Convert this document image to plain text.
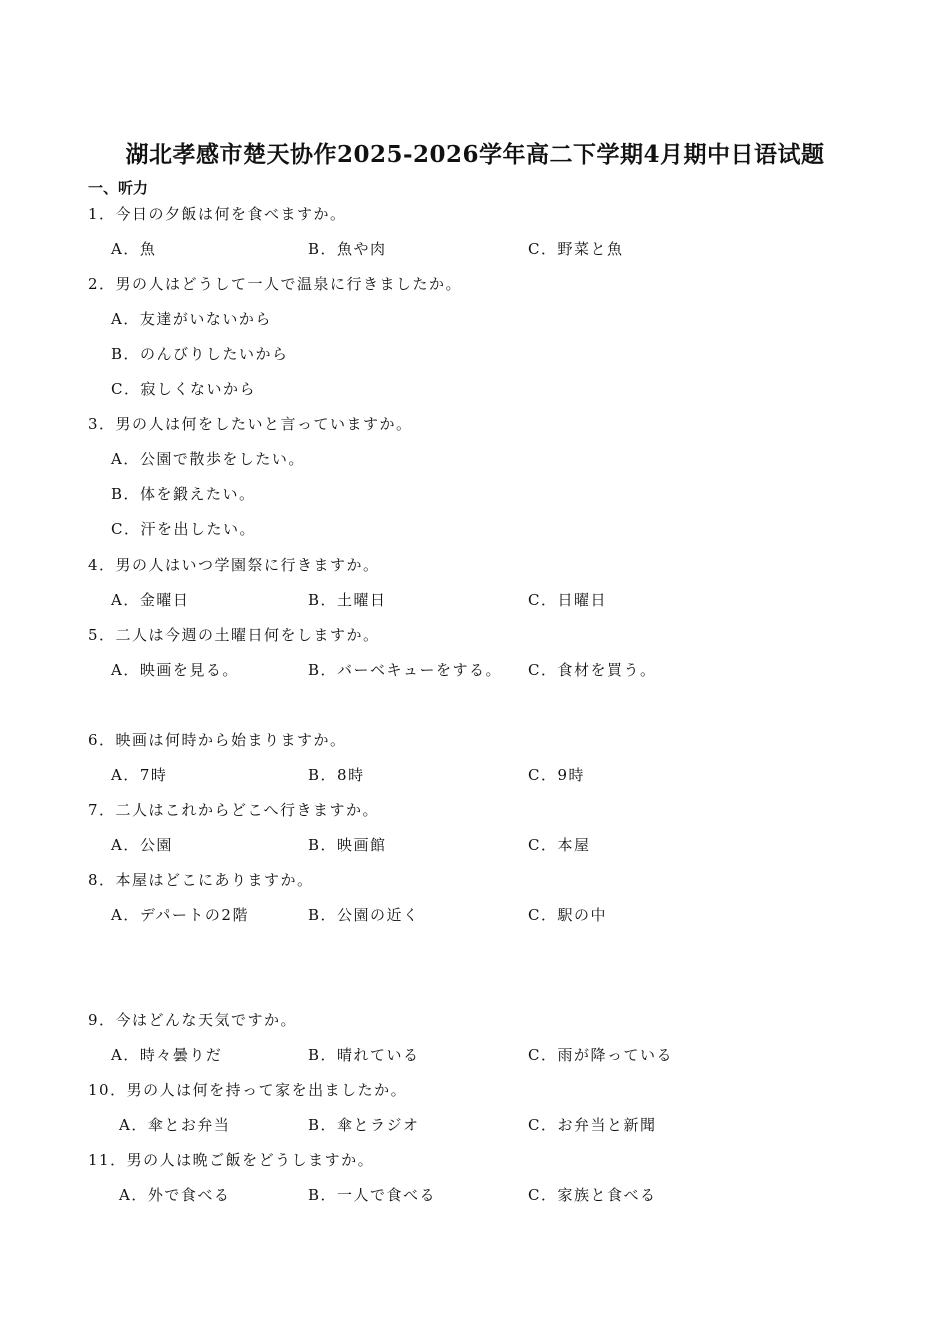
湖北孝感市楚天协作2025-2026学年高二下学期4月期中日语试题
一、听力
1．今日の夕飯は何を食べますか。
A．魚	B．魚や肉	C．野菜と魚
2．男の人はどうして一人で温泉に行きましたか。
A．友達がいないから
B．のんびりしたいから
C．寂しくないから
3．男の人は何をしたいと言っていますか。
A．公園で散歩をしたい。
B．体を鍛えたい。
C．汗を出したい。
4．男の人はいつ学園祭に行きますか。
A．金曜日	B．土曜日	C．日曜日
5．二人は今週の土曜日何をしますか。
A．映画を見る。	B．バーベキューをする。 C．食材を買う。
6．映画は何時から始まりますか。
A．7時	B．8時	C．9時
7．二人はこれからどこへ行きますか。
A．公園	B．映画館	C．本屋
8．本屋はどこにありますか。
A．デパートの2階	B．公園の近く	C．駅の中
9．今はどんな天気ですか。
A．時々曇りだ	B．晴れている	C．雨が降っている
10．男の人は何を持って家を出ましたか。
A．傘とお弁当	B．傘とラジオ	C．お弁当と新聞
11．男の人は晩ご飯をどうしますか。
A．外で食べる	B．一人で食べる	C．家族と食べる
